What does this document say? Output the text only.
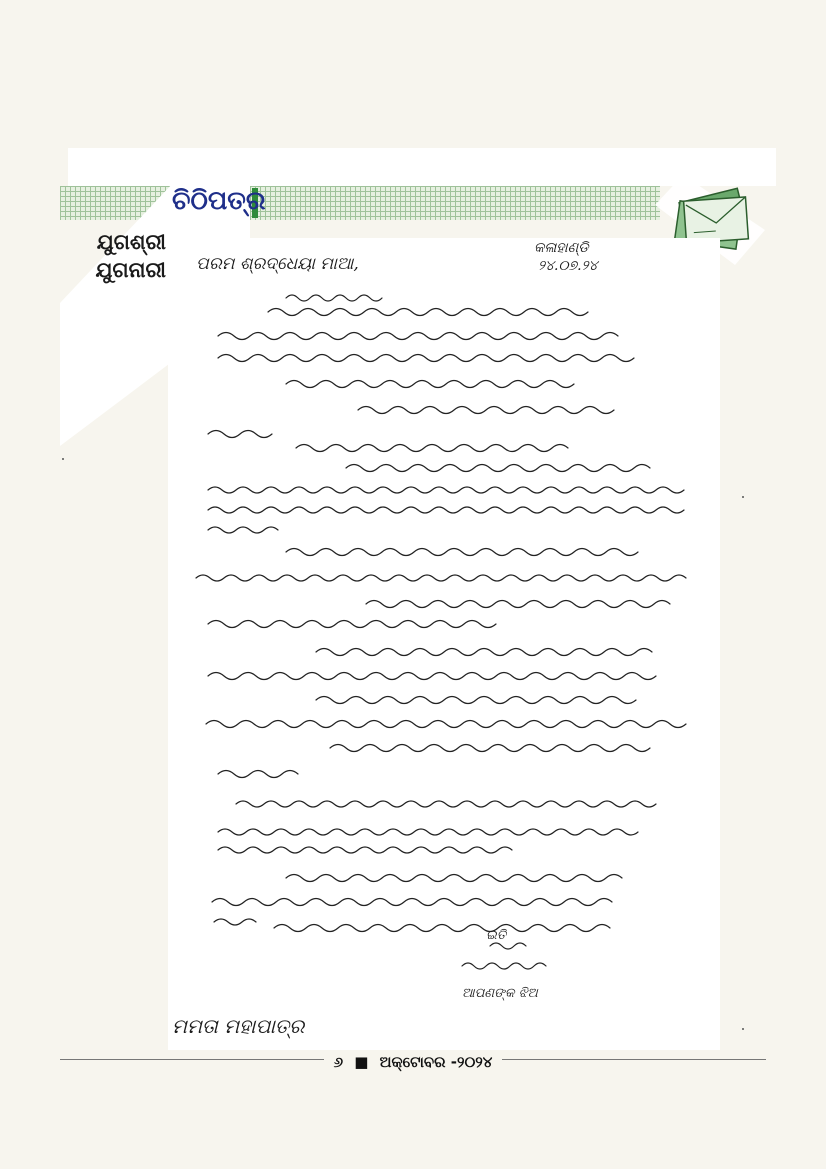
ଚିଠିପତ୍ର
ଯୁଗଶ୍ରୀ
ଯୁଗନାରୀ
କଳାହାଣ୍ଡି
୨୪.୦୭.୨୪
ପରମ ଶ୍ରଦ୍ଧେୟା ମାଆ,
ଇତି
ଆପଣଙ୍କ ଝିଅ
ମମତା ମହାପାତ୍ର
୬ ■ ଅକ୍ଟୋବର -୨୦୨୪
